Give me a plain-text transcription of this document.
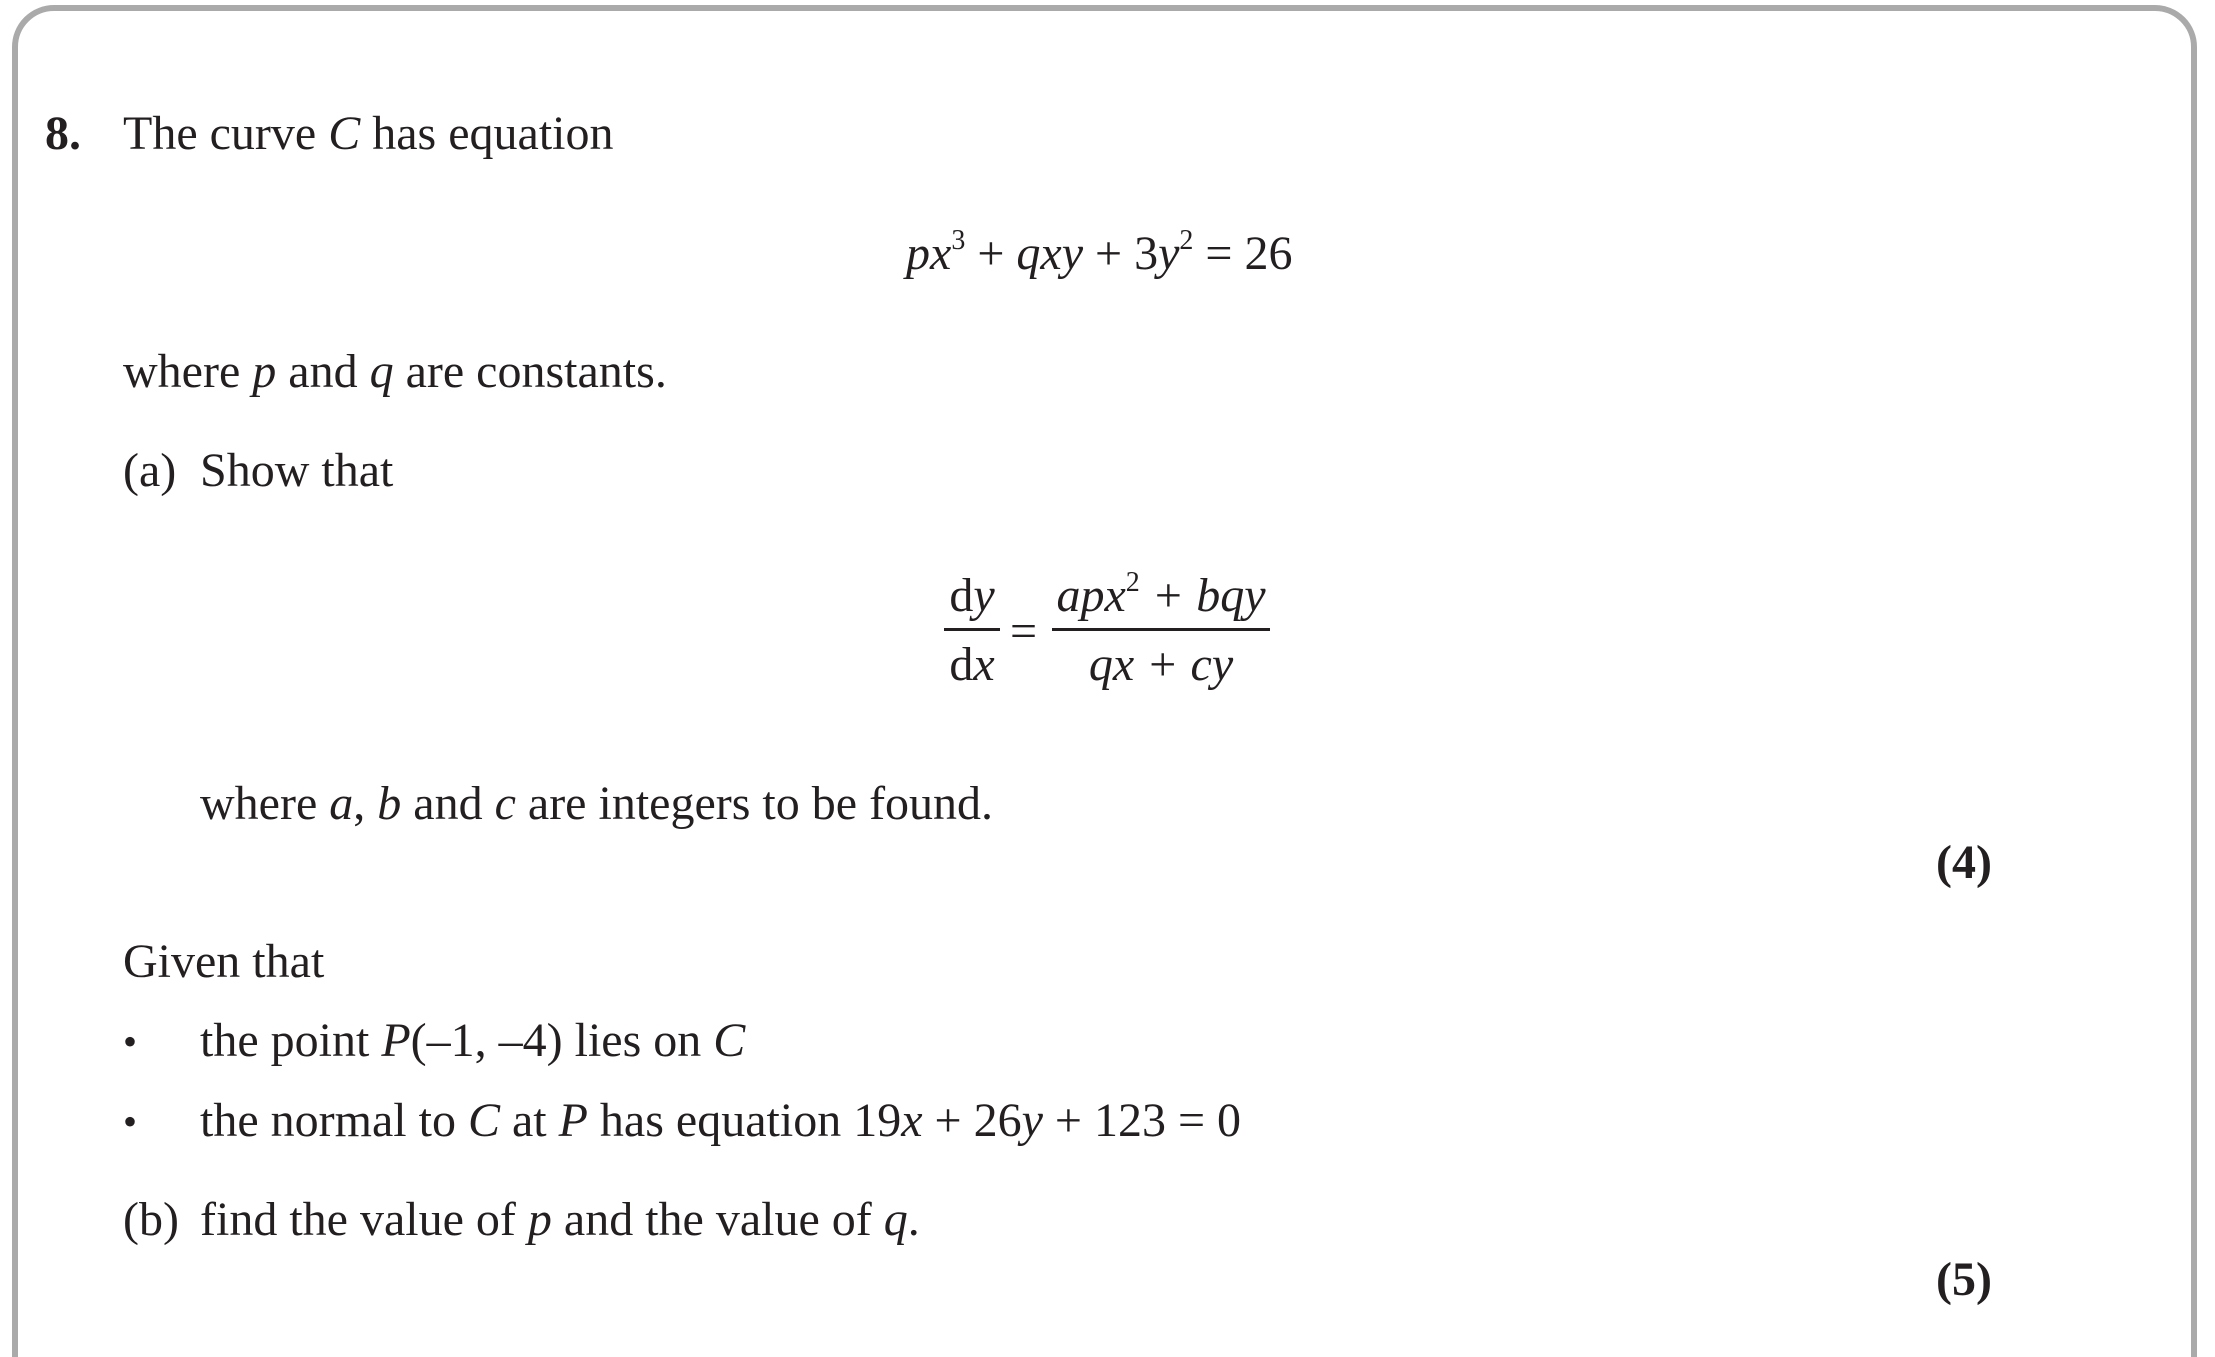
8. The curve C has equation
$px^3$ + qxy + $3y^2 = 26$
where p and q are constants.
(a) Show that
dy
dx
=
apx$^2$ + bqy
qx + cy
where a, b and c are integers to be found.
(4)
Given that
• the point P(–1, –4) lies on C
• the normal to C at P has equation 19x + 26y + 123 = 0
(b) find the value of p and the value of q.
(5)
